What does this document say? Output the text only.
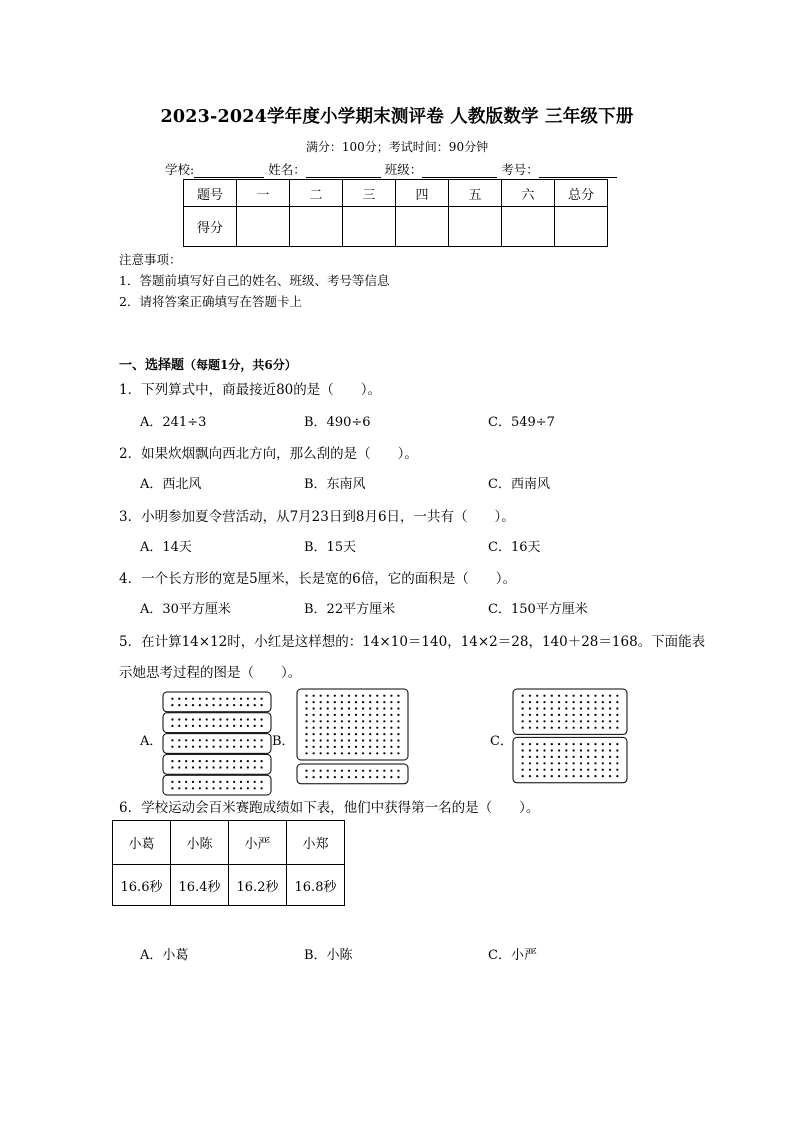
2023-2024学年度小学期末测评卷 人教版数学 三年级下册
满分：100分；考试时间：90分钟
学校:	姓名：	班级：	考号：
题号	一	二	三	四	五	六	总分
得分							
注意事项：
1．答题前填写好自己的姓名、班级、考号等信息
2．请将答案正确填写在答题卡上
一、选择题（每题1分，共6分）
1．下列算式中，商最接近80的是（　　）。
A．241÷3	B．490÷6	C．549÷7
2．如果炊烟飘向西北方向，那么刮的是（　　）。
A．西北风	B．东南风	C．西南风
3．小明参加夏令营活动，从7月23日到8月6日，一共有（　　）。
A．14天	B．15天	C．16天
4．一个长方形的宽是5厘米，长是宽的6倍，它的面积是（　　）。
A．30平方厘米	B．22平方厘米	C．150平方厘米
5．在计算14×12时，小红是这样想的：14×10＝140，14×2＝28，140＋28＝168。下面能表
示她思考过程的图是（　　）。
A．	B．	C．
6．学校运动会百米赛跑成绩如下表，他们中获得第一名的是（　　）。
小葛	小陈	小严	小郑
16.6秒	16.4秒	16.2秒	16.8秒
A．小葛	B．小陈	C．小严
